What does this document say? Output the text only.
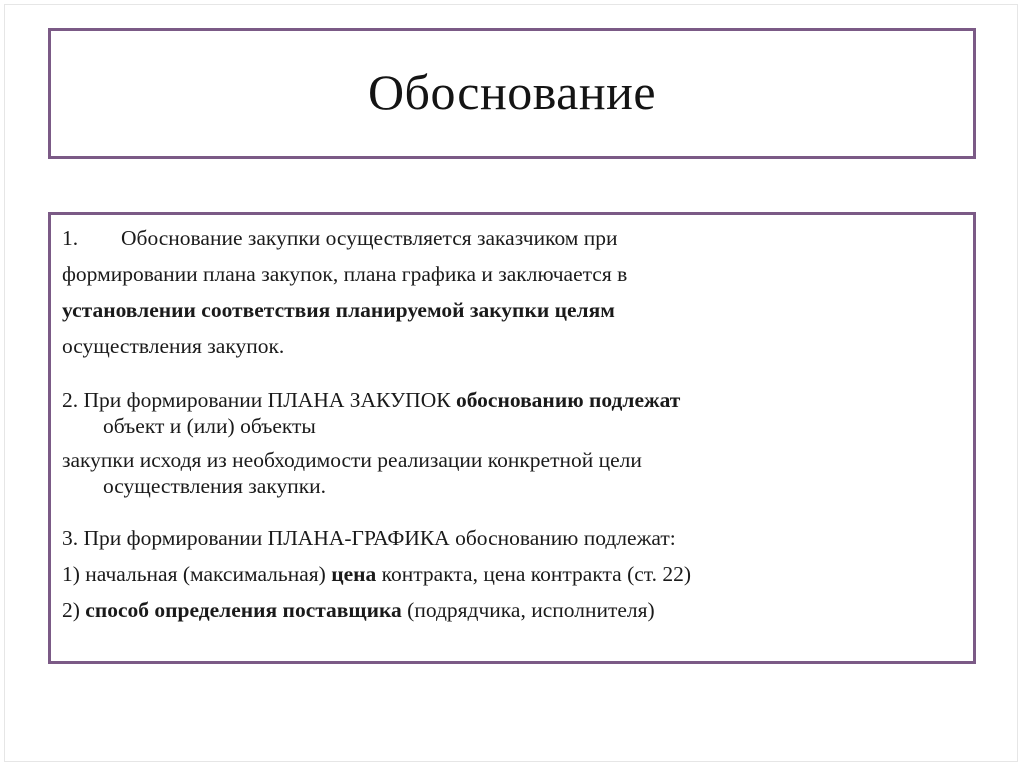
Обоснование
1. Обоснование закупки осуществляется заказчиком при
формировании плана закупок, плана графика и заключается в
установлении соответствия планируемой закупки целям
осуществления закупок.
2. При формировании ПЛАНА ЗАКУПОК обоснованию подлежат
объект и (или) объекты
закупки исходя из необходимости реализации конкретной цели
осуществления закупки.
3. При формировании ПЛАНА-ГРАФИКА обоснованию подлежат:
1) начальная (максимальная) цена контракта, цена контракта (ст. 22)
2) способ определения поставщика (подрядчика, исполнителя)
